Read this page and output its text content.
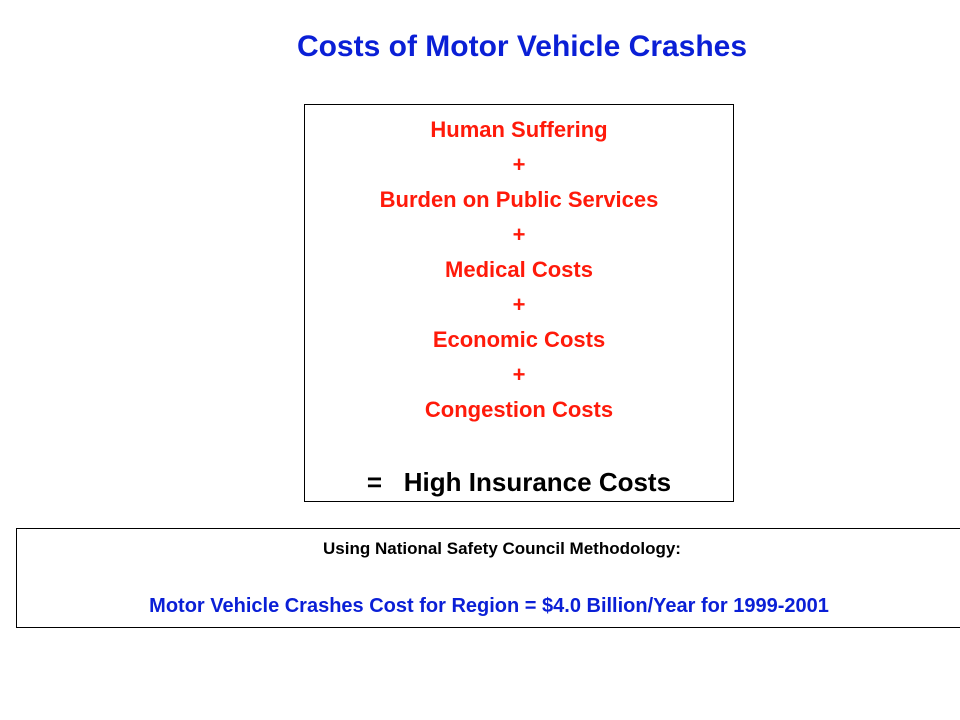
Costs of Motor Vehicle Crashes
Human Suffering
+
Burden on Public Services
+
Medical Costs
+
Economic Costs
+
Congestion Costs
=   High Insurance Costs
Using National Safety Council Methodology:
Motor Vehicle Crashes Cost for Region = $4.0 Billion/Year for 1999-2001
